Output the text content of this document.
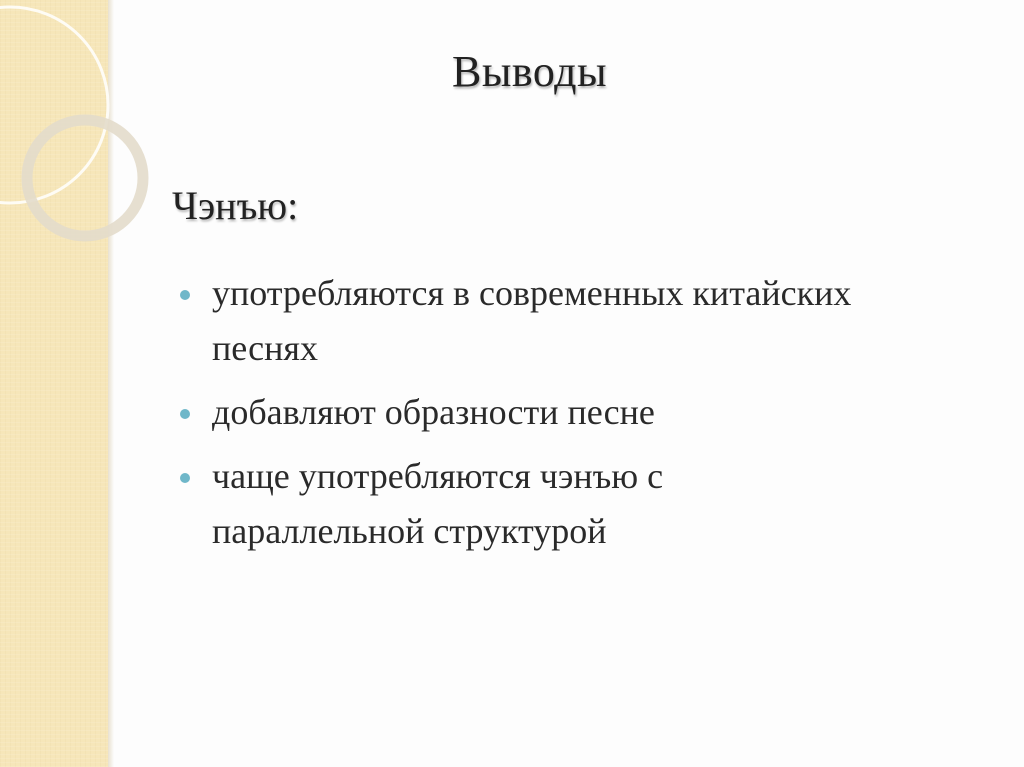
Выводы
Чэнъю:
употребляются в современных китайских песнях
добавляют образности песне
чаще употребляются чэнъю с параллельной структурой
